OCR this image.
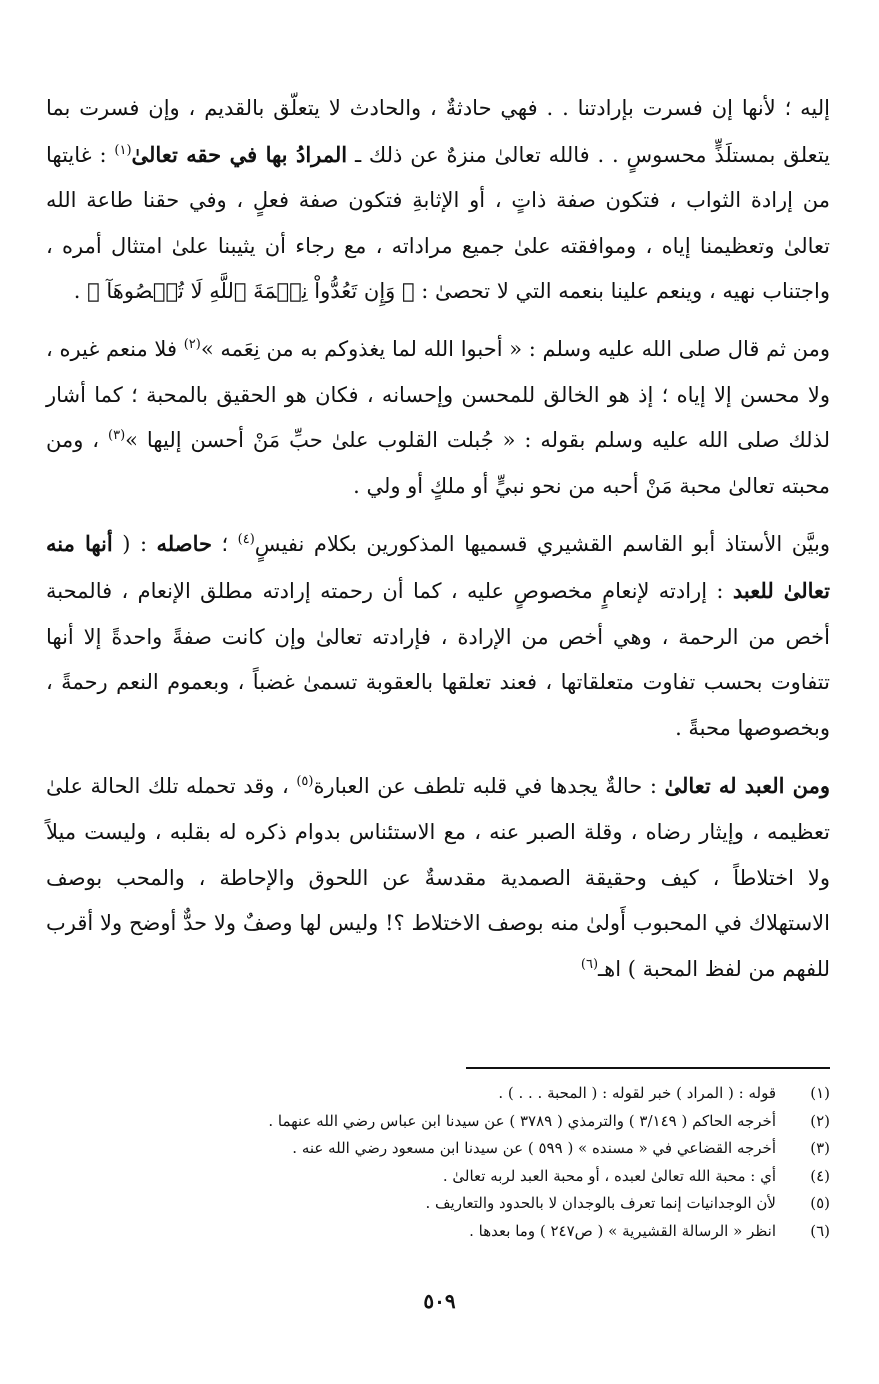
إليه ؛ لأنها إن فسرت بإرادتنا . . فهي حادثةٌ ، والحادث لا يتعلّق بالقديم ، وإن فسرت بما يتعلق بمستلَذٍّ محسوسٍ . . فالله تعالىٰ منزهٌ عن ذلك ـ المرادُ بها في حقه تعالىٰ$^{(١)}$ : غايتها من إرادة الثواب ، فتكون صفة ذاتٍ ، أو الإثابةِ فتكون صفة فعلٍ ، وفي حقنا طاعة الله تعالىٰ وتعظيمنا إياه ، وموافقته علىٰ جميع مراداته ، مع رجاء أن يثيبنا علىٰ امتثال أمره ، واجتناب نهيه ، وينعم علينا بنعمه التي لا تحصىٰ : ﴿ وَإِن تَعُدُّواْ نِعۡمَةَ ٱللَّهِ لَا تُحۡصُوهَآ ﴾ .

ومن ثم قال صلى الله عليه وسلم : « أحبوا الله لما يغذوكم به من نِعَمه »$^{(٢)}$ فلا منعم غيره ، ولا محسن إلا إياه ؛ إذ هو الخالق للمحسن وإحسانه ، فكان هو الحقيق بالمحبة ؛ كما أشار لذلك صلى الله عليه وسلم بقوله : « جُبلت القلوب علىٰ حبِّ مَنْ أحسن إليها »$^{(٣)}$ ، ومن محبته تعالىٰ محبة مَنْ أحبه من نحو نبيٍّ أو ملكٍ أو ولي .

وبيَّن الأستاذ أبو القاسم القشيري قسميها المذكورين بكلام نفيسٍ$^{(٤)}$ ؛ حاصله : ( أنها منه تعالىٰ للعبد : إرادته لإنعامٍ مخصوصٍ عليه ، كما أن رحمته إرادته مطلق الإنعام ، فالمحبة أخص من الرحمة ، وهي أخص من الإرادة ، فإرادته تعالىٰ وإن كانت صفةً واحدةً إلا أنها تتفاوت بحسب تفاوت متعلقاتها ، فعند تعلقها بالعقوبة تسمىٰ غضباً ، وبعموم النعم رحمةً ، وبخصوصها محبةً .

ومن العبد له تعالىٰ : حالةٌ يجدها في قلبه تلطف عن العبارة$^{(٥)}$ ، وقد تحمله تلك الحالة علىٰ تعظيمه ، وإيثار رضاه ، وقلة الصبر عنه ، مع الاستئناس بدوام ذكره له بقلبه ، وليست ميلاً ولا اختلاطاً ، كيف وحقيقة الصمدية مقدسةٌ عن اللحوق والإحاطة ، والمحب بوصف الاستهلاك في المحبوب أَولىٰ منه بوصف الاختلاط ؟! وليس لها وصفٌ ولا حدٌّ أوضح ولا أقرب للفهم من لفظ المحبة ) اهـ$^{(٦)}$

(١)
قوله : ( المراد ) خبر لقوله : ( المحبة . . . ) .
(٢)
أخرجه الحاكم ( ٣/١٤٩ ) والترمذي ( ٣٧٨٩ ) عن سيدنا ابن عباس رضي الله عنهما .
(٣)
أخرجه القضاعي في « مسنده » ( ٥٩٩ ) عن سيدنا ابن مسعود رضي الله عنه .
(٤)
أي : محبة الله تعالىٰ لعبده ، أو محبة العبد لربه تعالىٰ .
(٥)
لأن الوجدانيات إنما تعرف بالوجدان لا بالحدود والتعاريف .
(٦)
انظر « الرسالة القشيرية » ( ص٢٤٧ ) وما بعدها .
٥٠٩
